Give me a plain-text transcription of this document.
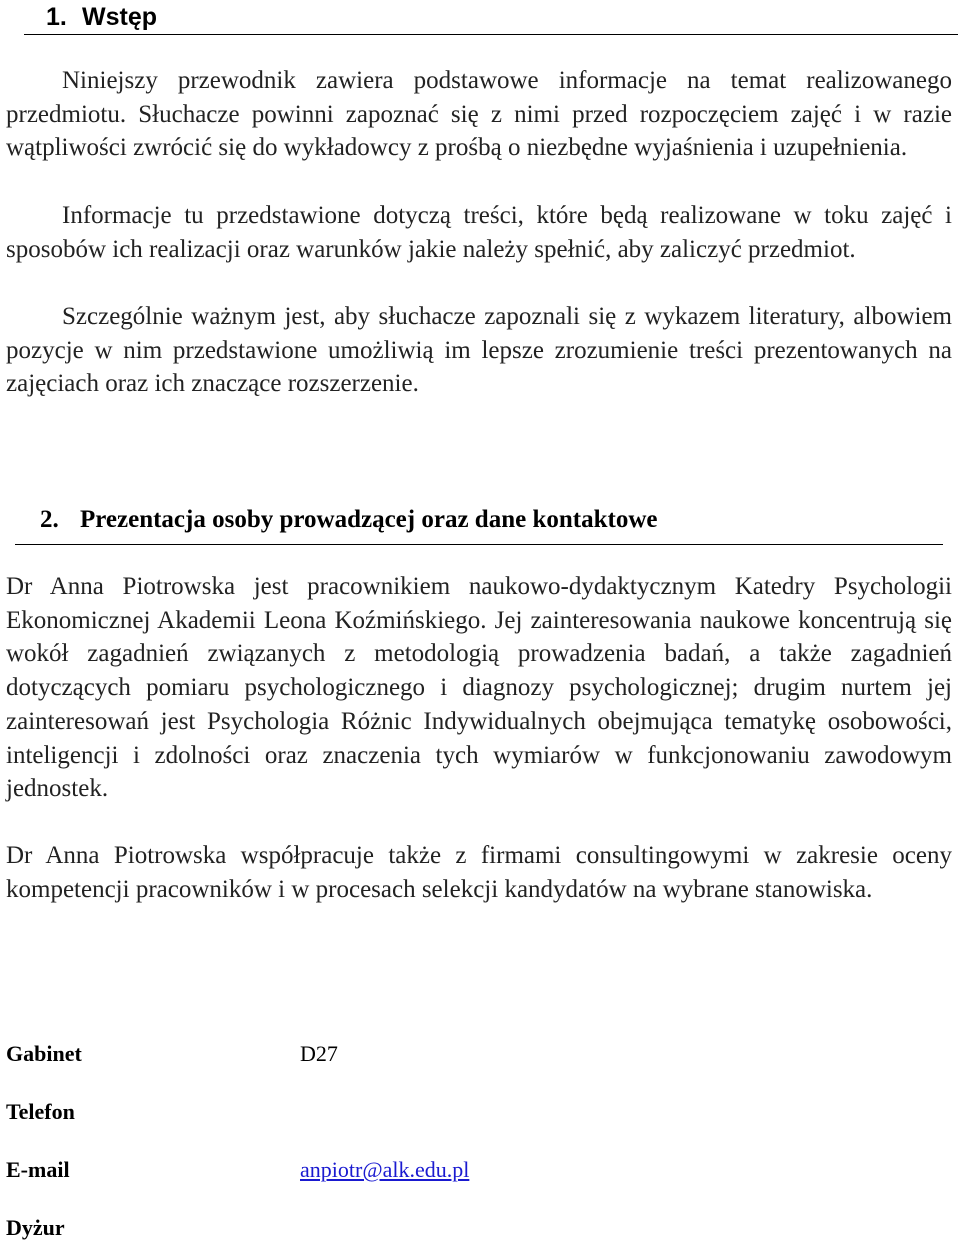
1. Wstęp
Niniejszy przewodnik zawiera podstawowe informacje na temat realizowanego przedmiotu. Słuchacze powinni zapoznać się z nimi przed rozpoczęciem zajęć i w razie wątpliwości zwrócić się do wykładowcy z prośbą o niezbędne wyjaśnienia i uzupełnienia.
Informacje tu przedstawione dotyczą treści, które będą realizowane w toku zajęć i sposobów ich realizacji oraz warunków jakie należy spełnić, aby zaliczyć przedmiot.
Szczególnie ważnym jest, aby słuchacze zapoznali się z wykazem literatury, albowiem pozycje w nim przedstawione umożliwią im lepsze zrozumienie treści prezentowanych na zajęciach oraz ich znaczące rozszerzenie.
2. Prezentacja osoby prowadzącej oraz dane kontaktowe
Dr Anna Piotrowska jest pracownikiem naukowo-dydaktycznym Katedry Psychologii Ekonomicznej Akademii Leona Koźmińskiego. Jej zainteresowania naukowe koncentrują się wokół zagadnień związanych z metodologią prowadzenia badań, a także zagadnień dotyczących pomiaru psychologicznego i diagnozy psychologicznej; drugim nurtem jej zainteresowań jest Psychologia Różnic Indywidualnych obejmująca tematykę osobowości, inteligencji i zdolności oraz znaczenia tych wymiarów w funkcjonowaniu zawodowym jednostek.
Dr Anna Piotrowska współpracuje także z firmami consultingowymi w zakresie oceny kompetencji pracowników i w procesach selekcji kandydatów na wybrane stanowiska.
Gabinet	D27
Telefon
E-mail	anpiotr@alk.edu.pl
Dyżur
